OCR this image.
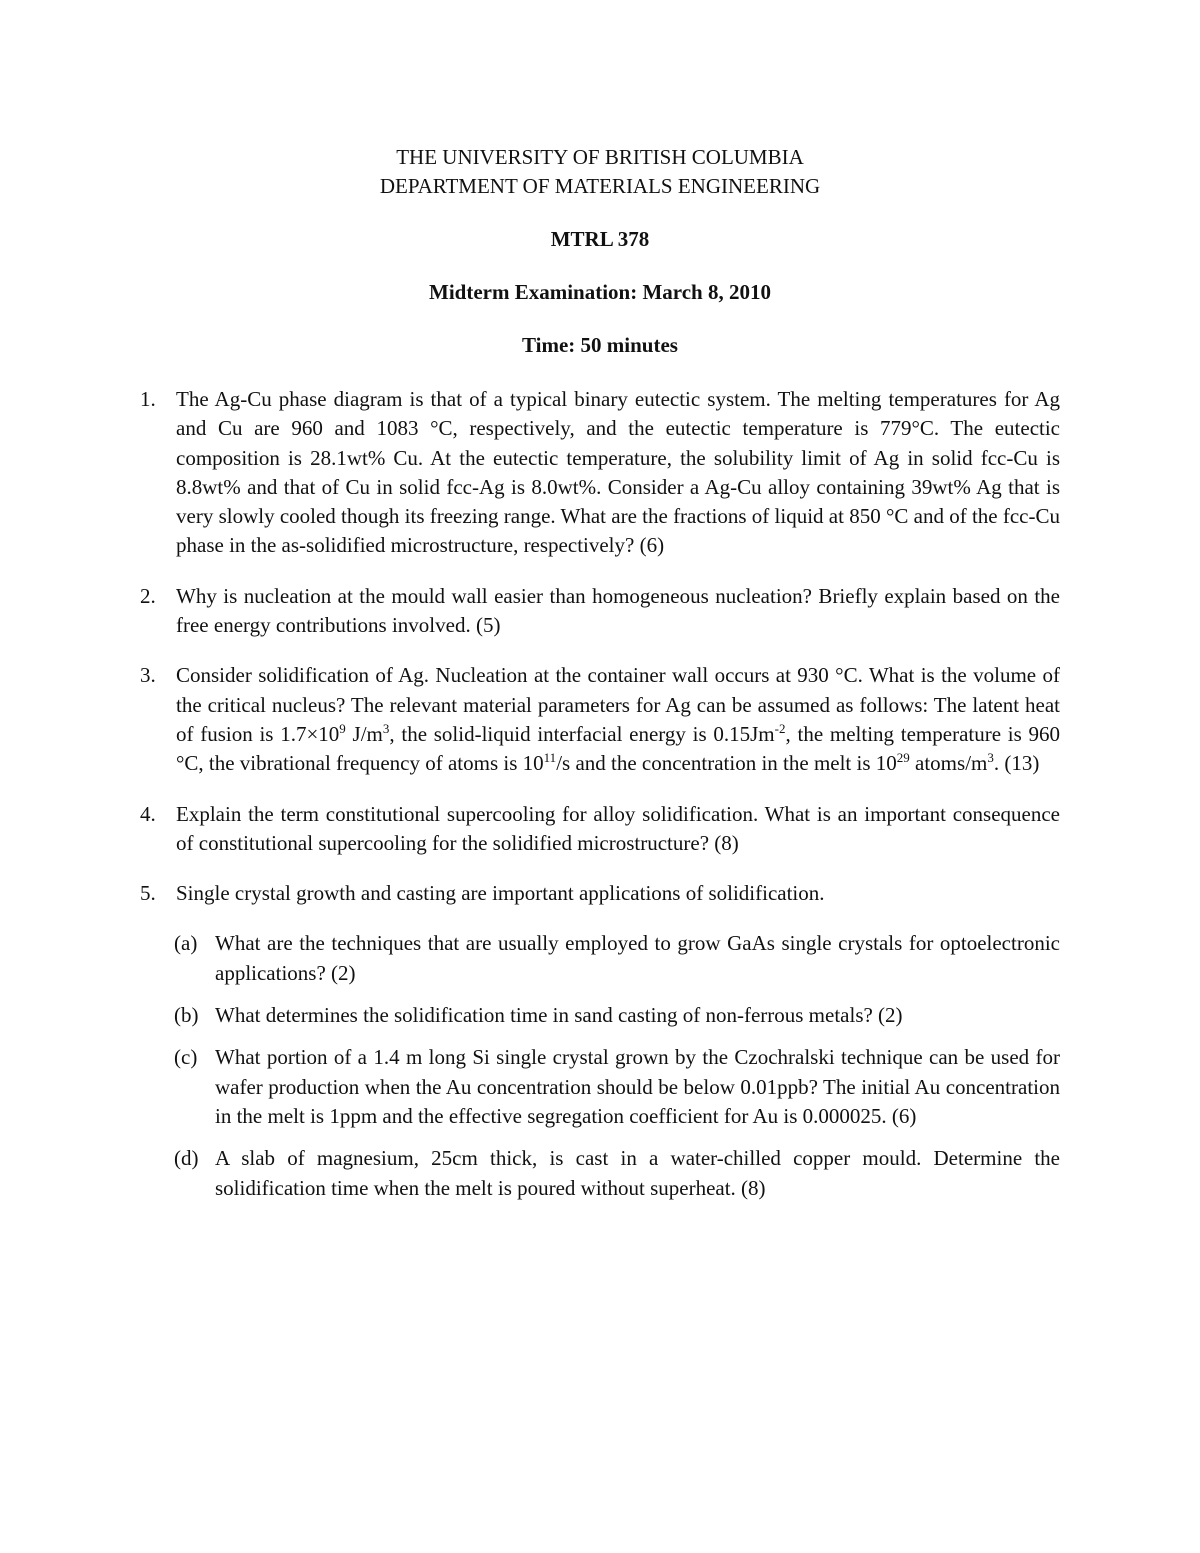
THE UNIVERSITY OF BRITISH COLUMBIA
DEPARTMENT OF MATERIALS ENGINEERING
MTRL 378
Midterm Examination: March 8, 2010
Time: 50 minutes
1. The Ag-Cu phase diagram is that of a typical binary eutectic system. The melting temperatures for Ag and Cu are 960 and 1083 °C, respectively, and the eutectic temperature is 779°C. The eutectic composition is 28.1wt% Cu. At the eutectic temperature, the solubility limit of Ag in solid fcc-Cu is 8.8wt% and that of Cu in solid fcc-Ag is 8.0wt%. Consider a Ag-Cu alloy containing 39wt% Ag that is very slowly cooled though its freezing range. What are the fractions of liquid at 850 °C and of the fcc-Cu phase in the as-solidified microstructure, respectively? (6)
2. Why is nucleation at the mould wall easier than homogeneous nucleation? Briefly explain based on the free energy contributions involved. (5)
3. Consider solidification of Ag. Nucleation at the container wall occurs at 930 °C. What is the volume of the critical nucleus? The relevant material parameters for Ag can be assumed as follows: The latent heat of fusion is $1.7\times 10^9$ $J/m^3$, the solid-liquid interfacial energy is $0.15Jm^{-2}$, the melting temperature is 960 °C, the vibrational frequency of atoms is $10^{11}/s$ and the concentration in the melt is $10^{29}$ atoms/$m^3$. (13)
4. Explain the term constitutional supercooling for alloy solidification. What is an important consequence of constitutional supercooling for the solidified microstructure? (8)
5. Single crystal growth and casting are important applications of solidification.
(a) What are the techniques that are usually employed to grow GaAs single crystals for optoelectronic applications? (2)
(b) What determines the solidification time in sand casting of non-ferrous metals? (2)
(c) What portion of a 1.4 m long Si single crystal grown by the Czochralski technique can be used for wafer production when the Au concentration should be below 0.01ppb? The initial Au concentration in the melt is 1ppm and the effective segregation coefficient for Au is 0.000025. (6)
(d) A slab of magnesium, 25cm thick, is cast in a water-chilled copper mould. Determine the solidification time when the melt is poured without superheat. (8)
